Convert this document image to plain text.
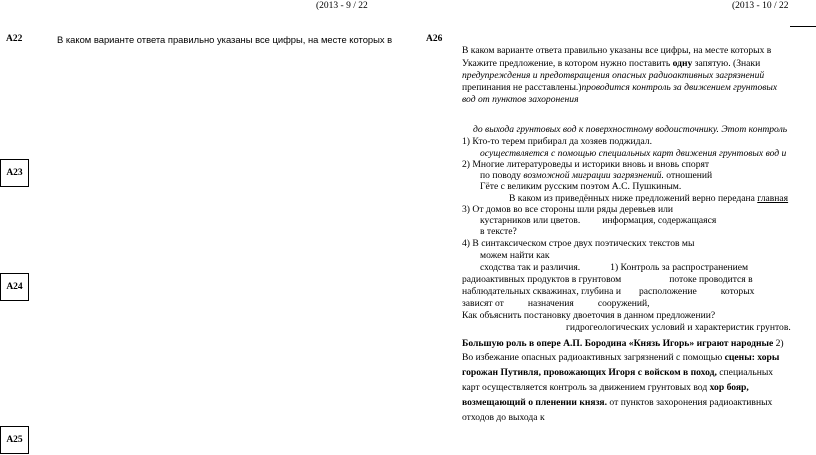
(2013 - 9 / 22	(2013 - 10 / 22
A22	В каком варианте ответа правильно указаны все цифры, на месте которых в
A23
A24
A25
A26
В каком варианте ответа правильно указаны все цифры, на месте которых в
Укажите предложение, в котором нужно поставить одну запятую. (Знаки
предупреждения и предотвращения опасных радиоактивных загрязнений
препинания не расставлены.)проводится контроль за движением грунтовых
вод от пунктов захоронения
до выхода грунтовых вод к поверхностному водоисточнику. Этот контроль
1) Кто-то терем прибирал да хозяев поджидал.
осуществляется с помощью специальных карт движения грунтовых вод и
2) Многие литературоведы и историки вновь и вновь спорят
по поводу возможной миграции загрязнений. отношений
Гёте с великим русским поэтом А.С. Пушкиным.
В каком из приведённых ниже предложений верно передана главная
3) От домов во все стороны шли ряды деревьев или
кустарников или цветов. информация, содержащаяся
в тексте?
4) В синтаксическом строе двух поэтических текстов мы
можем найти как
сходства так и различия.	1) Контроль за распространением
радиоактивных продуктов в грунтовом	потоке проводится в
наблюдательных скважинах, глубина и расположение	которых
зависят от	назначения	сооружений,
Как объяснить постановку двоеточия в данном предложении?
гидрогеологических условий и характеристик грунтов.
Большую роль в опере А.П. Бородина «Князь Игорь» играют народные 2)
Во избежание опасных радиоактивных загрязнений с помощью сцены: хоры
горожан Путивля, провожающих Игоря с войском в поход, специальных
карт осуществляется контроль за движением грунтовых вод хор бояр,
возмещающий о пленении князя. от пунктов захоронения радиоактивных
отходов до выхода к
